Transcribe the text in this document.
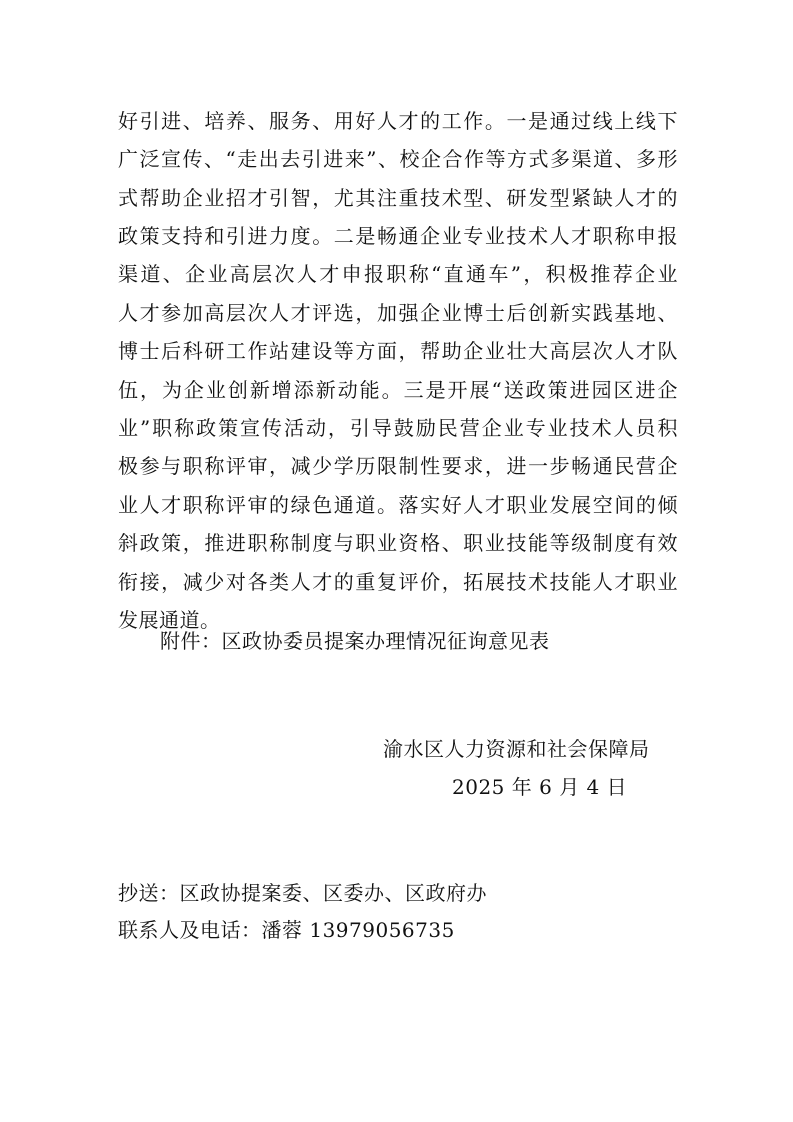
好引进、培养、服务、用好人才的工作。一是通过线上线下
广泛宣传、“走出去引进来”、校企合作等方式多渠道、多形
式帮助企业招才引智，尤其注重技术型、研发型紧缺人才的
政策支持和引进力度。二是畅通企业专业技术人才职称申报
渠道、企业高层次人才申报职称“直通车”，积极推荐企业
人才参加高层次人才评选，加强企业博士后创新实践基地、
博士后科研工作站建设等方面，帮助企业壮大高层次人才队
伍，为企业创新增添新动能。三是开展“送政策进园区进企
业”职称政策宣传活动，引导鼓励民营企业专业技术人员积
极参与职称评审，减少学历限制性要求，进一步畅通民营企
业人才职称评审的绿色通道。落实好人才职业发展空间的倾
斜政策，推进职称制度与职业资格、职业技能等级制度有效
衔接，减少对各类人才的重复评价，拓展技术技能人才职业
发展通道。
附件：区政协委员提案办理情况征询意见表
渝水区人力资源和社会保障局
2025 年 6 月 4 日
抄送：区政协提案委、区委办、区政府办
联系人及电话：潘蓉 13979056735
